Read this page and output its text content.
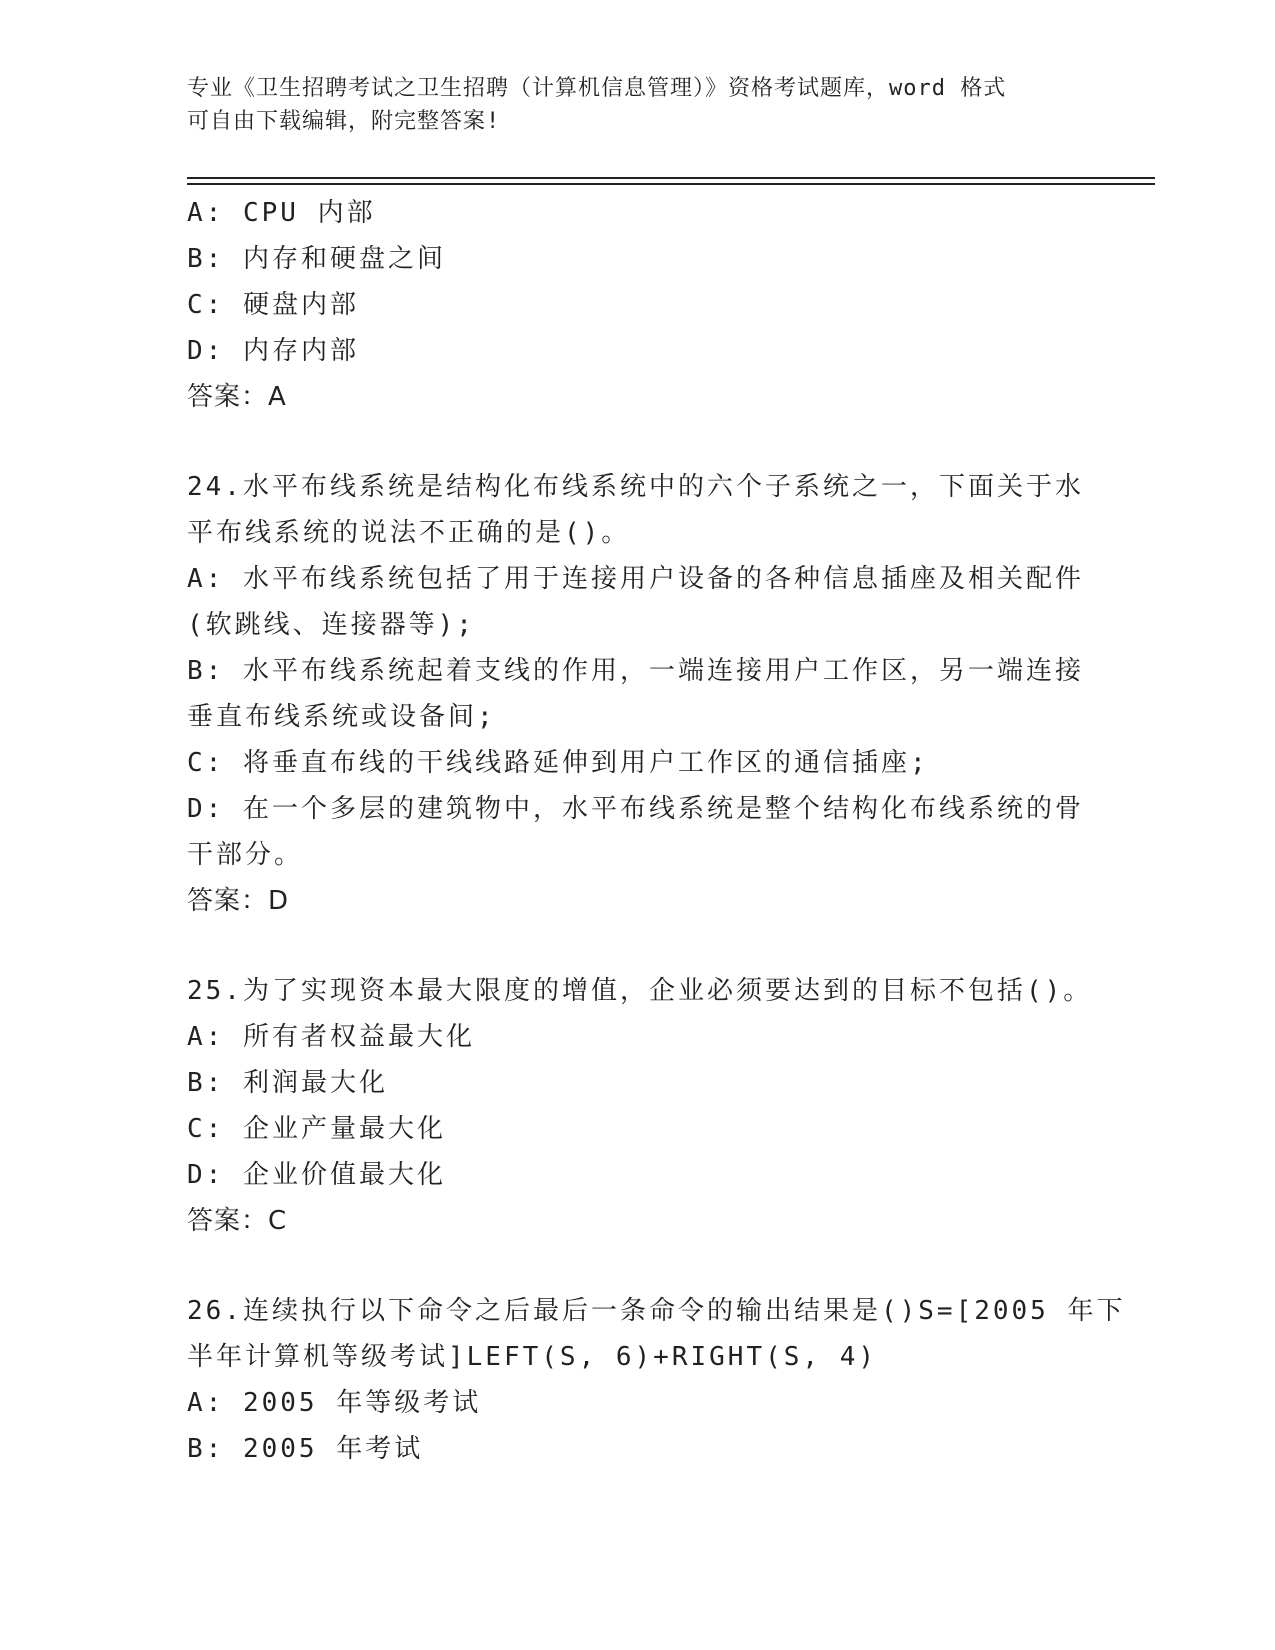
专业《卫生招聘考试之卫生招聘（计算机信息管理）》资格考试题库，word 格式
可自由下载编辑，附完整答案!
A: CPU 内部
B: 内存和硬盘之间
C: 硬盘内部
D: 内存内部
答案：A
24.水平布线系统是结构化布线系统中的六个子系统之一，下面关于水
平布线系统的说法不正确的是()。
A: 水平布线系统包括了用于连接用户设备的各种信息插座及相关配件
(软跳线、连接器等);
B: 水平布线系统起着支线的作用，一端连接用户工作区，另一端连接
垂直布线系统或设备间;
C: 将垂直布线的干线线路延伸到用户工作区的通信插座;
D: 在一个多层的建筑物中，水平布线系统是整个结构化布线系统的骨
干部分。
答案：D
25.为了实现资本最大限度的增值，企业必须要达到的目标不包括()。
A: 所有者权益最大化
B: 利润最大化
C: 企业产量最大化
D: 企业价值最大化
答案：C
26.连续执行以下命令之后最后一条命令的输出结果是()S=[2005 年下
半年计算机等级考试]LEFT(S, 6)+RIGHT(S, 4)
A: 2005 年等级考试
B: 2005 年考试
